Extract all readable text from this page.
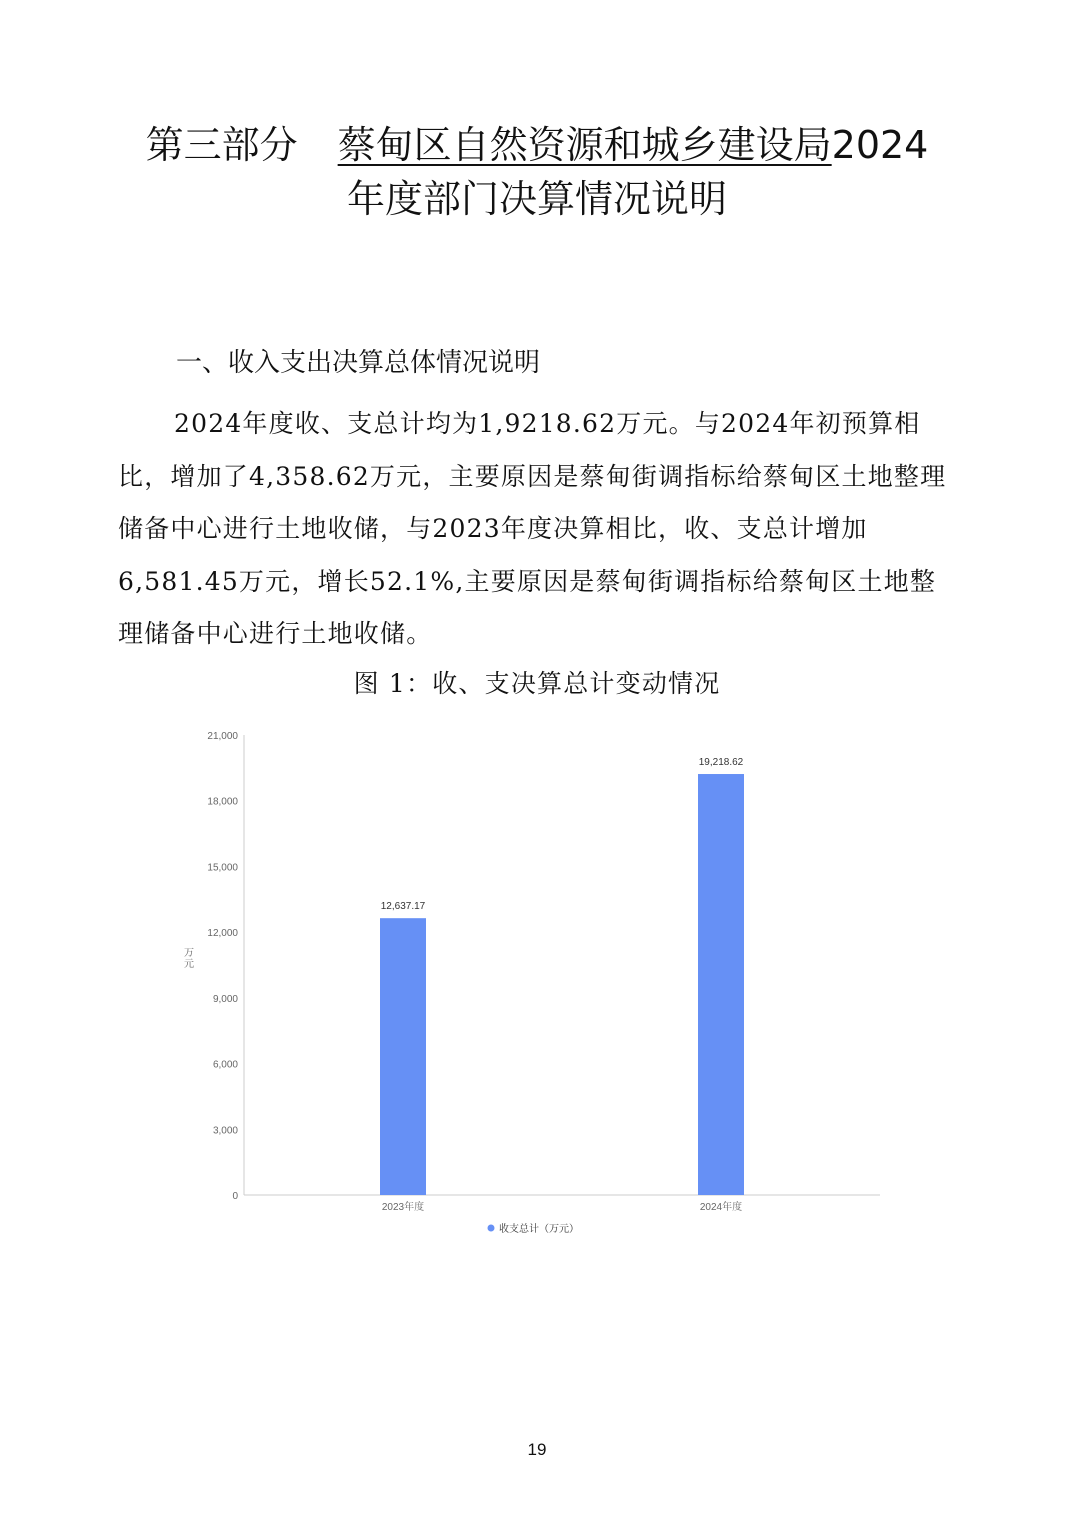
第三部分 蔡甸区自然资源和城乡建设局2024
年度部门决算情况说明
一、收入支出决算总体情况说明

2024年度收、支总计均为1,9218.62万元。与2024年初预算相比，增加了4,358.62万元，主要原因是蔡甸街调指标给蔡甸区土地整理储备中心进行土地收储，与2023年度决算相比，收、支总计增加6,581.45万元，增长52.1%,主要原因是蔡甸街调指标给蔡甸区土地整理储备中心进行土地收储。

图 1：收、支决算总计变动情况
0
3,000
6,000
9,000
12,000
15,000
18,000
21,000
万
元
12,637.17
2023年度
19,218.62
2024年度
收支总计（万元）
19
